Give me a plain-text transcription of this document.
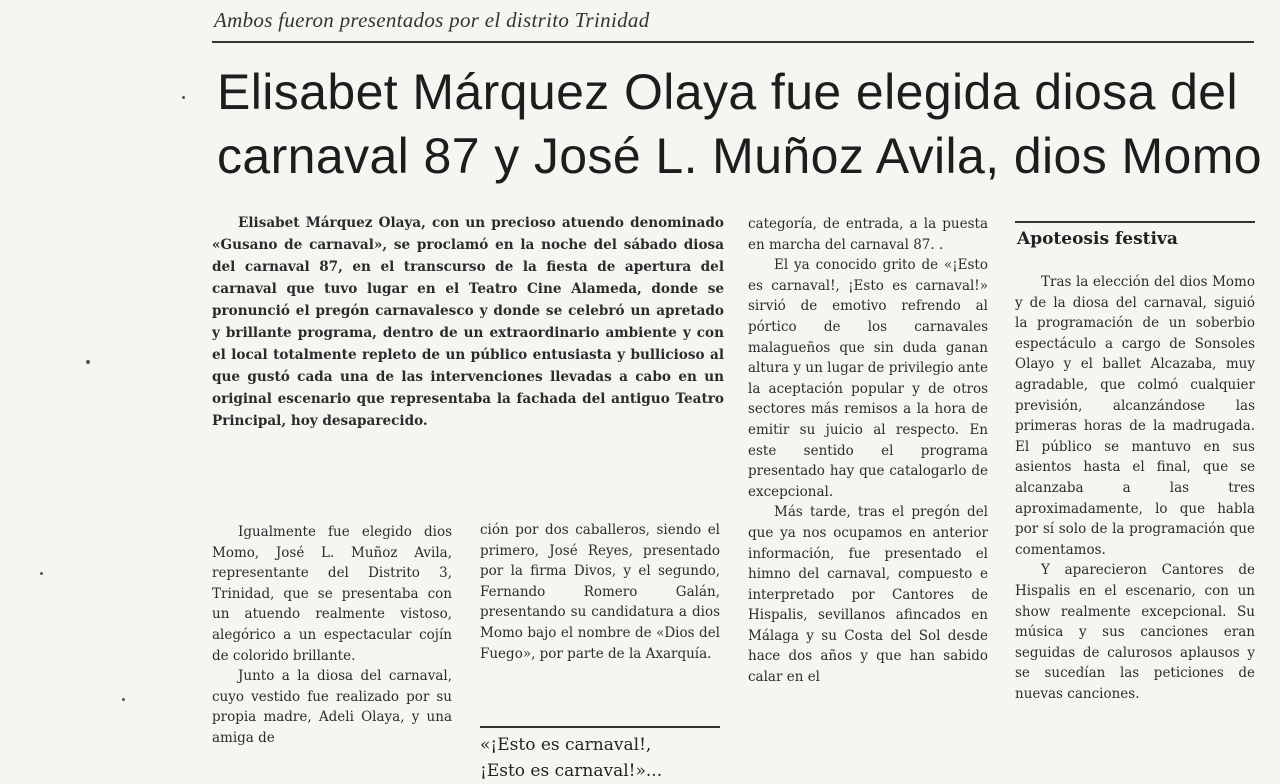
Ambos fueron presentados por el distrito Trinidad
Elisabet Márquez Olaya fue elegida diosa del
carnaval 87 y José L. Muñoz Avila, dios Momo

Elisabet Márquez Olaya, con un precioso atuendo denominado «Gusano de carnaval», se proclamó en la noche del sábado diosa del carnaval 87, en el transcurso de la fiesta de apertura del carnaval que tuvo lugar en el Teatro Cine Alameda, donde se pronunció el pregón carnavalesco y donde se celebró un apretado y brillante programa, dentro de un extraordinario ambiente y con el local totalmente repleto de un público entusiasta y bullicioso al que gustó cada una de las intervenciones llevadas a cabo en un original escenario que representaba la fachada del antiguo Teatro Principal, hoy desaparecido.

Igualmente fue elegido dios Momo, José L. Muñoz Avila, representante del Distrito 3, Trinidad, que se presentaba con un atuendo realmente vistoso, alegórico a un espectacular cojín de colorido brillante.

Junto a la diosa del carnaval, cuyo vestido fue realizado por su propia madre, Adeli Olaya, y una amiga de

ción por dos caballeros, siendo el primero, José Reyes, presentado por la firma Divos, y el segundo, Fernando Romero Galán, presentando su candidatura a dios Momo bajo el nombre de «Dios del Fuego», por parte de la Axarquía.

«¡Esto es carnaval!,
¡Esto es carnaval!»...

categoría, de entrada, a la puesta en marcha del carnaval 87. .

El ya conocido grito de «¡Esto es carnaval!, ¡Esto es carnaval!» sirvió de emotivo refrendo al pórtico de los carnavales malagueños que sin duda ganan altura y un lugar de privilegio ante la aceptación popular y de otros sectores más remisos a la hora de emitir su juicio al respecto. En este sentido el programa presentado hay que catalogarlo de excepcional.

Más tarde, tras el pregón del que ya nos ocupamos en anterior información, fue presentado el himno del carnaval, compuesto e interpretado por Cantores de Hispalis, sevillanos afincados en Málaga y su Costa del Sol desde hace dos años y que han sabido calar en el

Apoteosis festiva

Tras la elección del dios Momo y de la diosa del carnaval, siguió la programación de un soberbio espectáculo a cargo de Sonsoles Olayo y el ballet Alcazaba, muy agradable, que colmó cualquier previsión, alcanzándose las primeras horas de la madrugada. El público se mantuvo en sus asientos hasta el final, que se alcanzaba a las tres aproximadamente, lo que habla por sí solo de la programación que comentamos.

Y aparecieron Cantores de Hispalis en el escenario, con un show realmente excepcional. Su música y sus canciones eran seguidas de calurosos aplausos y se sucedían las peticiones de nuevas canciones.
